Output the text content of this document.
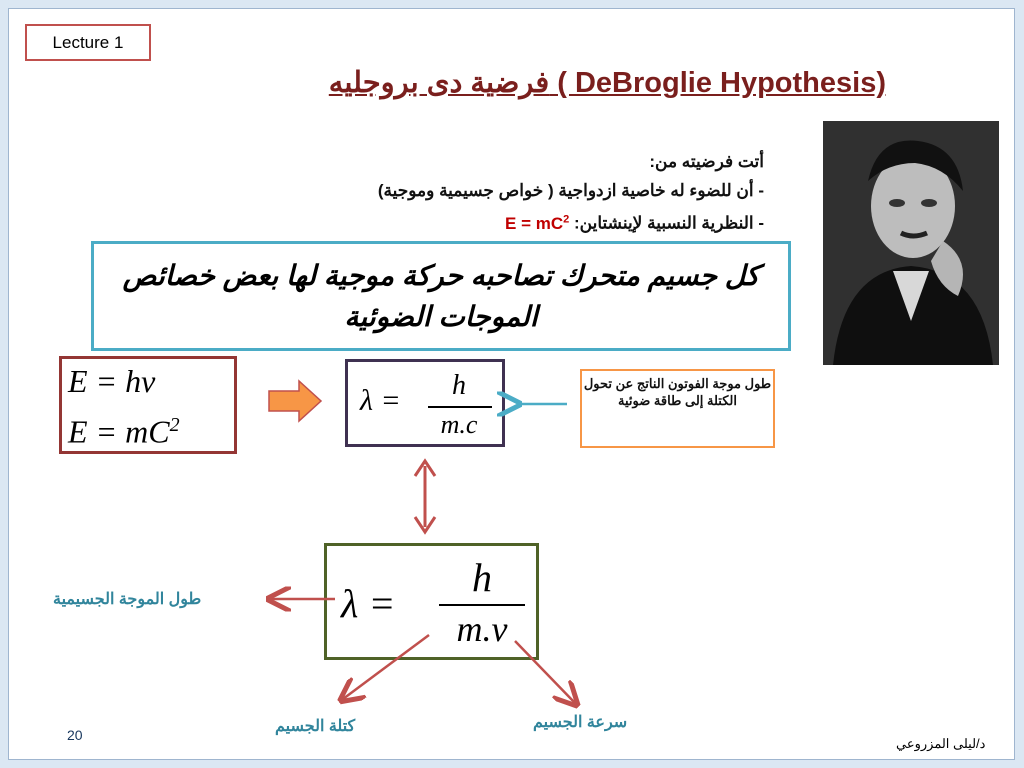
Lecture 1
فرضية دى بروجليه ( DeBroglie Hypothesis)
أتت فرضيته من:
- أن للضوء له خاصية ازدواجية ( خواص جسيمية وموجية)
- النظرية النسبية لإينشتاين: $E = mC^2$
كل جسيم متحرك تصاحبه حركة موجية لها بعض خصائص الموجات الضوئية
E = hν
$E = mC^2$
λ =	h
m.c
طول موجة الفوتون الناتج عن تحول الكتلة إلى طاقة ضوئية
λ =
h
m.v
طول الموجة الجسيمية
كتلة الجسيم	سرعة الجسيم
20
د/ليلى المزروعي
